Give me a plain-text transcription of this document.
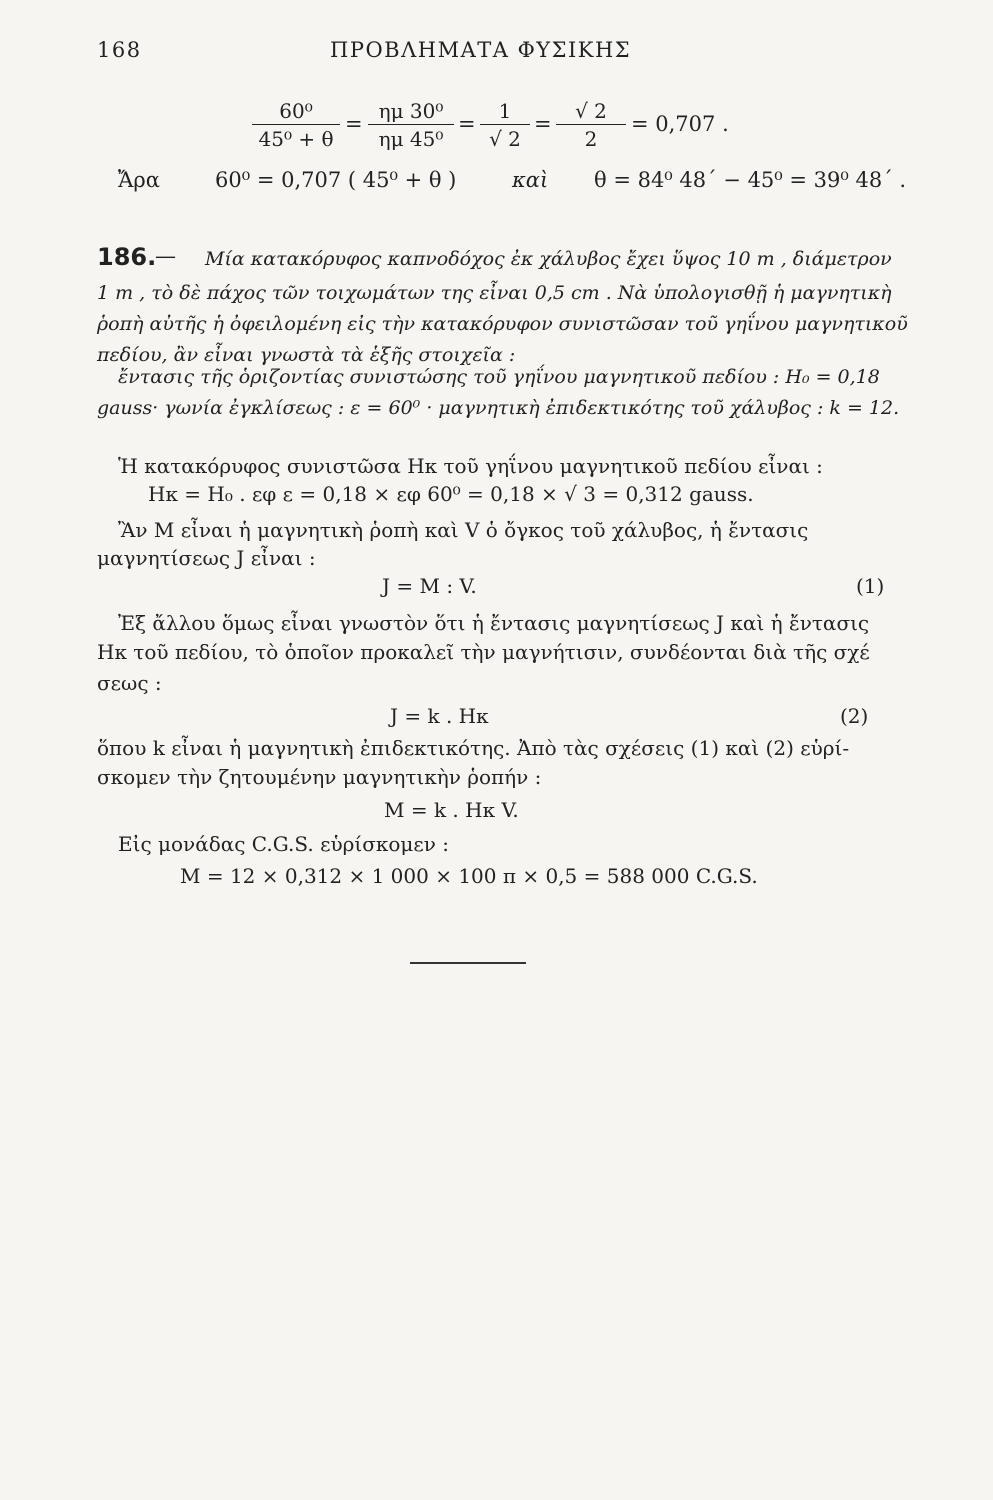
168	ΠΡΟΒΛΗΜΑΤΑ ΦΥΣΙΚΗΣ
$\frac{\text{60⁰}}{\text{45⁰ + θ}} = \frac{\text{ημ 30⁰}}{\text{ημ 45⁰}} = \frac{1}{√ 2} = \frac{√ 2}{2} = 0,707$ .
Ἄρα	60⁰ = 0,707 ( 45⁰ + θ )	καὶ θ = 84⁰ 48΄ − 45⁰ = 39⁰ 48΄ .
186.
— Μία κατακόρυφος καπνοδόχος ἐκ χάλυβος ἔχει ὕψος 10 m , διάμετρον
1 m , τὸ δὲ πάχος τῶν τοιχωμάτων της εἶναι 0,5 cm . Νὰ ὑπολογισθῇ ἡ μαγνητικὴ
ῥοπὴ αὐτῆς ἡ ὀφειλομένη εἰς τὴν κατακόρυφον συνιστῶσαν τοῦ γηΐνου μαγνητικοῦ
πεδίου, ἂν εἶναι γνωστὰ τὰ ἑξῆς στοιχεῖα :
ἔντασις τῆς ὁριζοντίας συνιστώσης τοῦ γηΐνου μαγνητικοῦ πεδίου : H₀ = 0,18
gauss· γωνία ἐγκλίσεως : ε = 60⁰ · μαγνητικὴ ἐπιδεκτικότης τοῦ χάλυβος : k = 12.
Ἡ κατακόρυφος συνιστῶσα Hκ τοῦ γηΐνου μαγνητικοῦ πεδίου εἶναι :
Hκ = H₀ . εφ ε = 0,18 × εφ 60⁰ = 0,18 × √ 3 = 0,312 gauss.
Ἂν M εἶναι ἡ μαγνητικὴ ῥοπὴ καὶ V ὁ ὄγκος τοῦ χάλυβος, ἡ ἔντασις
μαγνητίσεως J εἶναι :
J = M : V.	(1)
Ἐξ ἄλλου ὅμως εἶναι γνωστὸν ὅτι ἡ ἔντασις μαγνητίσεως J καὶ ἡ ἔντασις
Hκ τοῦ πεδίου, τὸ ὁποῖον προκαλεῖ τὴν μαγνήτισιν, συνδέονται διὰ τῆς σχέ
σεως :
J = k . Hκ	(2)
ὅπου k εἶναι ἡ μαγνητικὴ ἐπιδεκτικότης. Ἀπὸ τὰς σχέσεις (1) καὶ (2) εὑρί-
σκομεν τὴν ζητουμένην μαγνητικὴν ῥοπήν :
M = k . Hκ V.
Εἰς μονάδας C.G.S. εὑρίσκομεν :
M = 12 × 0,312 × 1 000 × 100 π × 0,5 = 588 000 C.G.S.
